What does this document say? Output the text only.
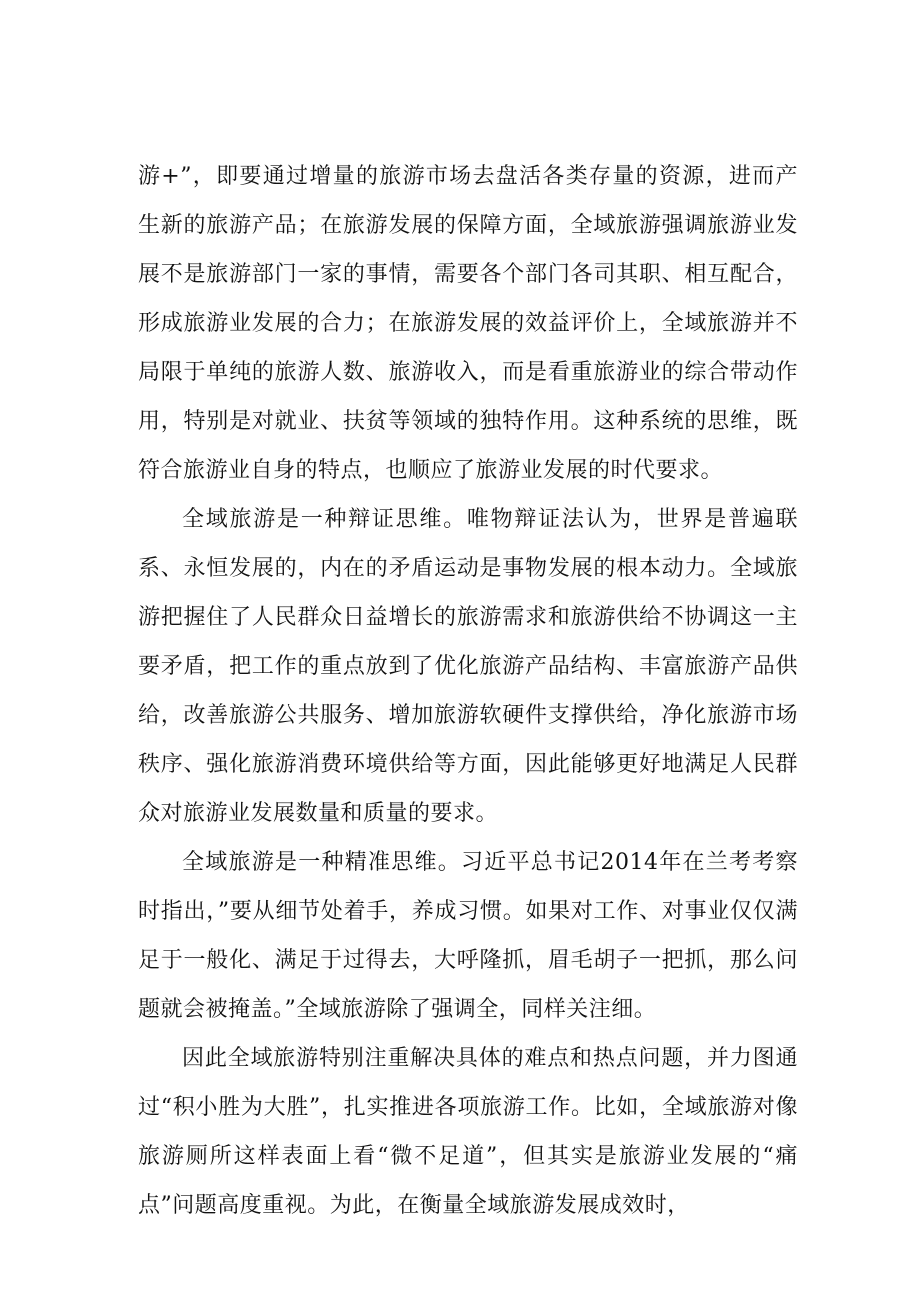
游+”，即要通过增量的旅游市场去盘活各类存量的资源，进而产生新的旅游产品；在旅游发展的保障方面，全域旅游强调旅游业发展不是旅游部门一家的事情，需要各个部门各司其职、相互配合，形成旅游业发展的合力；在旅游发展的效益评价上，全域旅游并不局限于单纯的旅游人数、旅游收入，而是看重旅游业的综合带动作用，特别是对就业、扶贫等领域的独特作用。这种系统的思维，既符合旅游业自身的特点，也顺应了旅游业发展的时代要求。

全域旅游是一种辩证思维。唯物辩证法认为，世界是普遍联系、永恒发展的，内在的矛盾运动是事物发展的根本动力。全域旅游把握住了人民群众日益增长的旅游需求和旅游供给不协调这一主要矛盾，把工作的重点放到了优化旅游产品结构、丰富旅游产品供给，改善旅游公共服务、增加旅游软硬件支撑供给，净化旅游市场秩序、强化旅游消费环境供给等方面，因此能够更好地满足人民群众对旅游业发展数量和质量的要求。

全域旅游是一种精准思维。习近平总书记2014年在兰考考察时指出，”要从细节处着手，养成习惯。如果对工作、对事业仅仅满足于一般化、满足于过得去，大呼隆抓，眉毛胡子一把抓，那么问题就会被掩盖。”全域旅游除了强调全，同样关注细。

因此全域旅游特别注重解决具体的难点和热点问题，并力图通过“积小胜为大胜”，扎实推进各项旅游工作。比如，全域旅游对像旅游厕所这样表面上看“微不足道”，但其实是旅游业发展的“痛点”问题高度重视。为此，在衡量全域旅游发展成效时，
